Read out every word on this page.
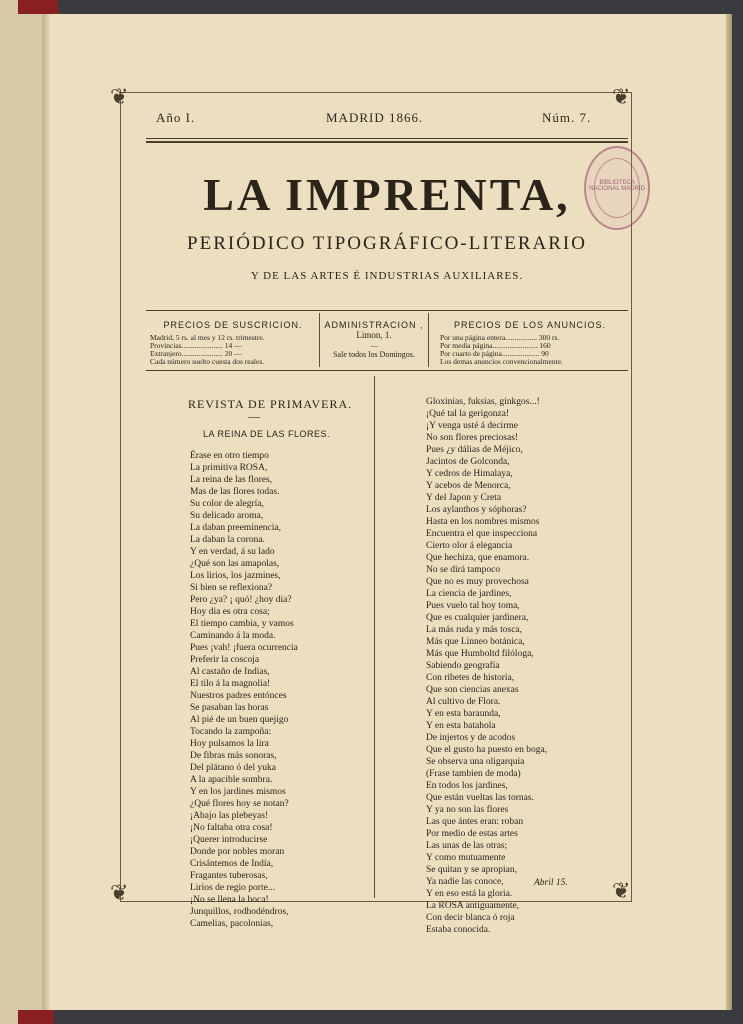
❦	❦
❦	❦
Año I.	MADRID 1866.	Núm. 7.
LA IMPRENTA,
PERIÓDICO TIPOGRÁFICO-LITERARIO
Y DE LAS ARTES É INDUSTRIAS AUXILIARES.
BIBLIOTECA NACIONAL MADRID
PRECIOS DE SUSCRICION.
Madrid, 5 rs. al mes y 12 rs. trimestre.
Provincias...................... 14 —
Extranjero...................... 20 —
Cada número suelto cuesta dos reales.
ADMINISTRACION ,
Limon, 1.
—
Sale todos los Domingos.
PRECIOS DE LOS ANUNCIOS.
Por una página entera................. 300 rs.
Por media página........................ 160
Por cuarto de página.................... 90
Los demas anuncios convencionalmente.
REVISTA DE PRIMAVERA.
—
LA REINA DE LAS FLORES.
Érase en otro tiempo
La primitiva ROSA,
La reina de las flores,
Mas de las flores todas.
Su color de alegría,
Su delicado aroma,
La daban preeminencia,
La daban la corona.
Y en verdad, á su lado
¿Qué son las amapolas,
Los lirios, los jazmines,
Si bien se reflexiona?
Pero ¿ya? ¡ quó! ¿hoy dia?
Hoy dia es otra cosa;
El tiempo cambia, y vamos
Caminando á la moda.
Pues ¡vah! ¡fuera ocurrencia
Preferir la coscoja
Al castaño de Indias,
El tilo á la magnolia!
Nuestros padres entónces
Se pasaban las horas
Al pié de un buen quejigo
Tocando la zampoña:
Hoy pulsamos la lira
De fibras más sonoras,
Del plátano ó del yuka
A la apacible sombra.
Y en los jardines mismos
¿Qué flores hoy se notan?
¡Abajo las plebeyas!
¡No faltaba otra cosa!
¡Querer introducirse
Donde por nobles moran
Crisántemos de Indía,
Fragantes tuberosas,
Lirios de regio porte...
¡No se llena la boca!
Junquillos, rodhodéndros,
Camelias, pacolonias,
Gloxinias, fuksias, ginkgos...!
¡Qué tal la gerigonza!
¡Y venga usté á decirme
No son flores preciosas!
Pues ¿y dálias de Méjico,
Jacintos de Golconda,
Y cedros de Himalaya,
Y acebos de Menorca,
Y del Japon y Creta
Los aylanthos y sóphoras?
Hasta en los nombres mismos
Encuentra el que inspecciona
Cierto olor á elegancia
Que hechiza, que enamora.
No se dirá tampoco
Que no es muy provechosa
La ciencia de jardines,
Pues vuelo tal hoy toma,
Que es cualquier jardinera,
La más ruda y más tosca,
Más que Linneo botánica,
Más que Humboltd filóloga,
Sabiendo geografía
Con ribetes de historia,
Que son ciencias anexas
Al cultivo de Flora.
Y en esta baraunda,
Y en esta batahola
De injertos y de acodos
Que el gusto ha puesto en boga,
Se observa una oligarquía
(Frase tambien de moda)
En todos los jardines,
Que están vueltas las tornas.
Y ya no son las flores
Las que ántes eran: roban
Por medio de estas artes
Las unas de las otras;
Y como mutuamente
Se quitan y se apropian,
Ya nadie las conoce,
Y en eso está la gloria.
La ROSA antiguamente,
Con decir blanca ó roja
Estaba conocida.
Abril 15.
